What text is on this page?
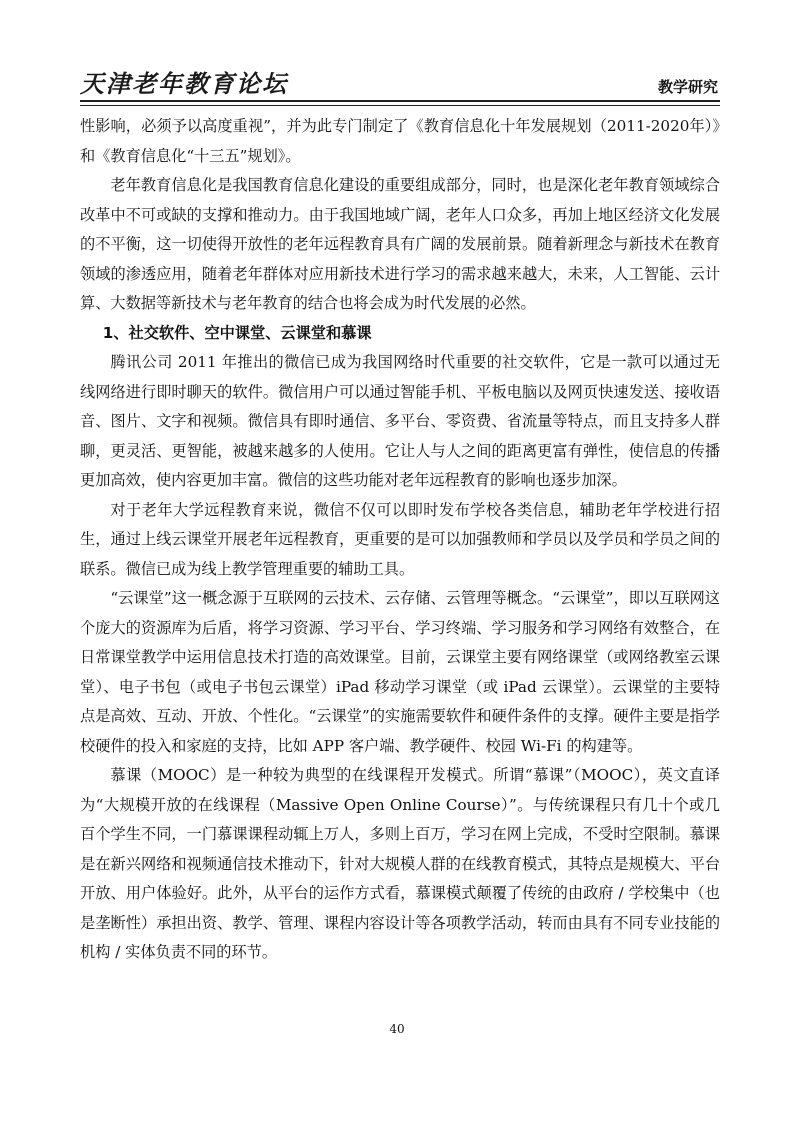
天津老年教育论坛	教学研究

性影响，必须予以高度重视”，并为此专门制定了《教育信息化十年发展规划（2011-2020年）》和《教育信息化“十三五”规划》。

老年教育信息化是我国教育信息化建设的重要组成部分，同时，也是深化老年教育领域综合改革中不可或缺的支撑和推动力。由于我国地域广阔，老年人口众多，再加上地区经济文化发展的不平衡，这一切使得开放性的老年远程教育具有广阔的发展前景。随着新理念与新技术在教育领域的渗透应用，随着老年群体对应用新技术进行学习的需求越来越大，未来，人工智能、云计算、大数据等新技术与老年教育的结合也将会成为时代发展的必然。

1、社交软件、空中课堂、云课堂和慕课

腾讯公司 2011 年推出的微信已成为我国网络时代重要的社交软件，它是一款可以通过无线网络进行即时聊天的软件。微信用户可以通过智能手机、平板电脑以及网页快速发送、接收语音、图片、文字和视频。微信具有即时通信、多平台、零资费、省流量等特点，而且支持多人群聊，更灵活、更智能，被越来越多的人使用。它让人与人之间的距离更富有弹性，使信息的传播更加高效，使内容更加丰富。微信的这些功能对老年远程教育的影响也逐步加深。

对于老年大学远程教育来说，微信不仅可以即时发布学校各类信息，辅助老年学校进行招生，通过上线云课堂开展老年远程教育，更重要的是可以加强教师和学员以及学员和学员之间的联系。微信已成为线上教学管理重要的辅助工具。

“云课堂”这一概念源于互联网的云技术、云存储、云管理等概念。“云课堂”，即以互联网这个庞大的资源库为后盾，将学习资源、学习平台、学习终端、学习服务和学习网络有效整合，在日常课堂教学中运用信息技术打造的高效课堂。目前，云课堂主要有网络课堂（或网络教室云课堂）、电子书包（或电子书包云课堂）iPad 移动学习课堂（或 iPad 云课堂）。云课堂的主要特点是高效、互动、开放、个性化。“云课堂”的实施需要软件和硬件条件的支撑。硬件主要是指学校硬件的投入和家庭的支持，比如 APP 客户端、教学硬件、校园 Wi-Fi 的构建等。

慕课（MOOC）是一种较为典型的在线课程开发模式。所谓“慕课”（MOOC），英文直译为“大规模开放的在线课程（Massive Open Online Course）”。与传统课程只有几十个或几百个学生不同，一门慕课课程动辄上万人，多则上百万，学习在网上完成，不受时空限制。慕课是在新兴网络和视频通信技术推动下，针对大规模人群的在线教育模式，其特点是规模大、平台开放、用户体验好。此外，从平台的运作方式看，慕课模式颠覆了传统的由政府 / 学校集中（也是垄断性）承担出资、教学、管理、课程内容设计等各项教学活动，转而由具有不同专业技能的机构 / 实体负责不同的环节。

40
